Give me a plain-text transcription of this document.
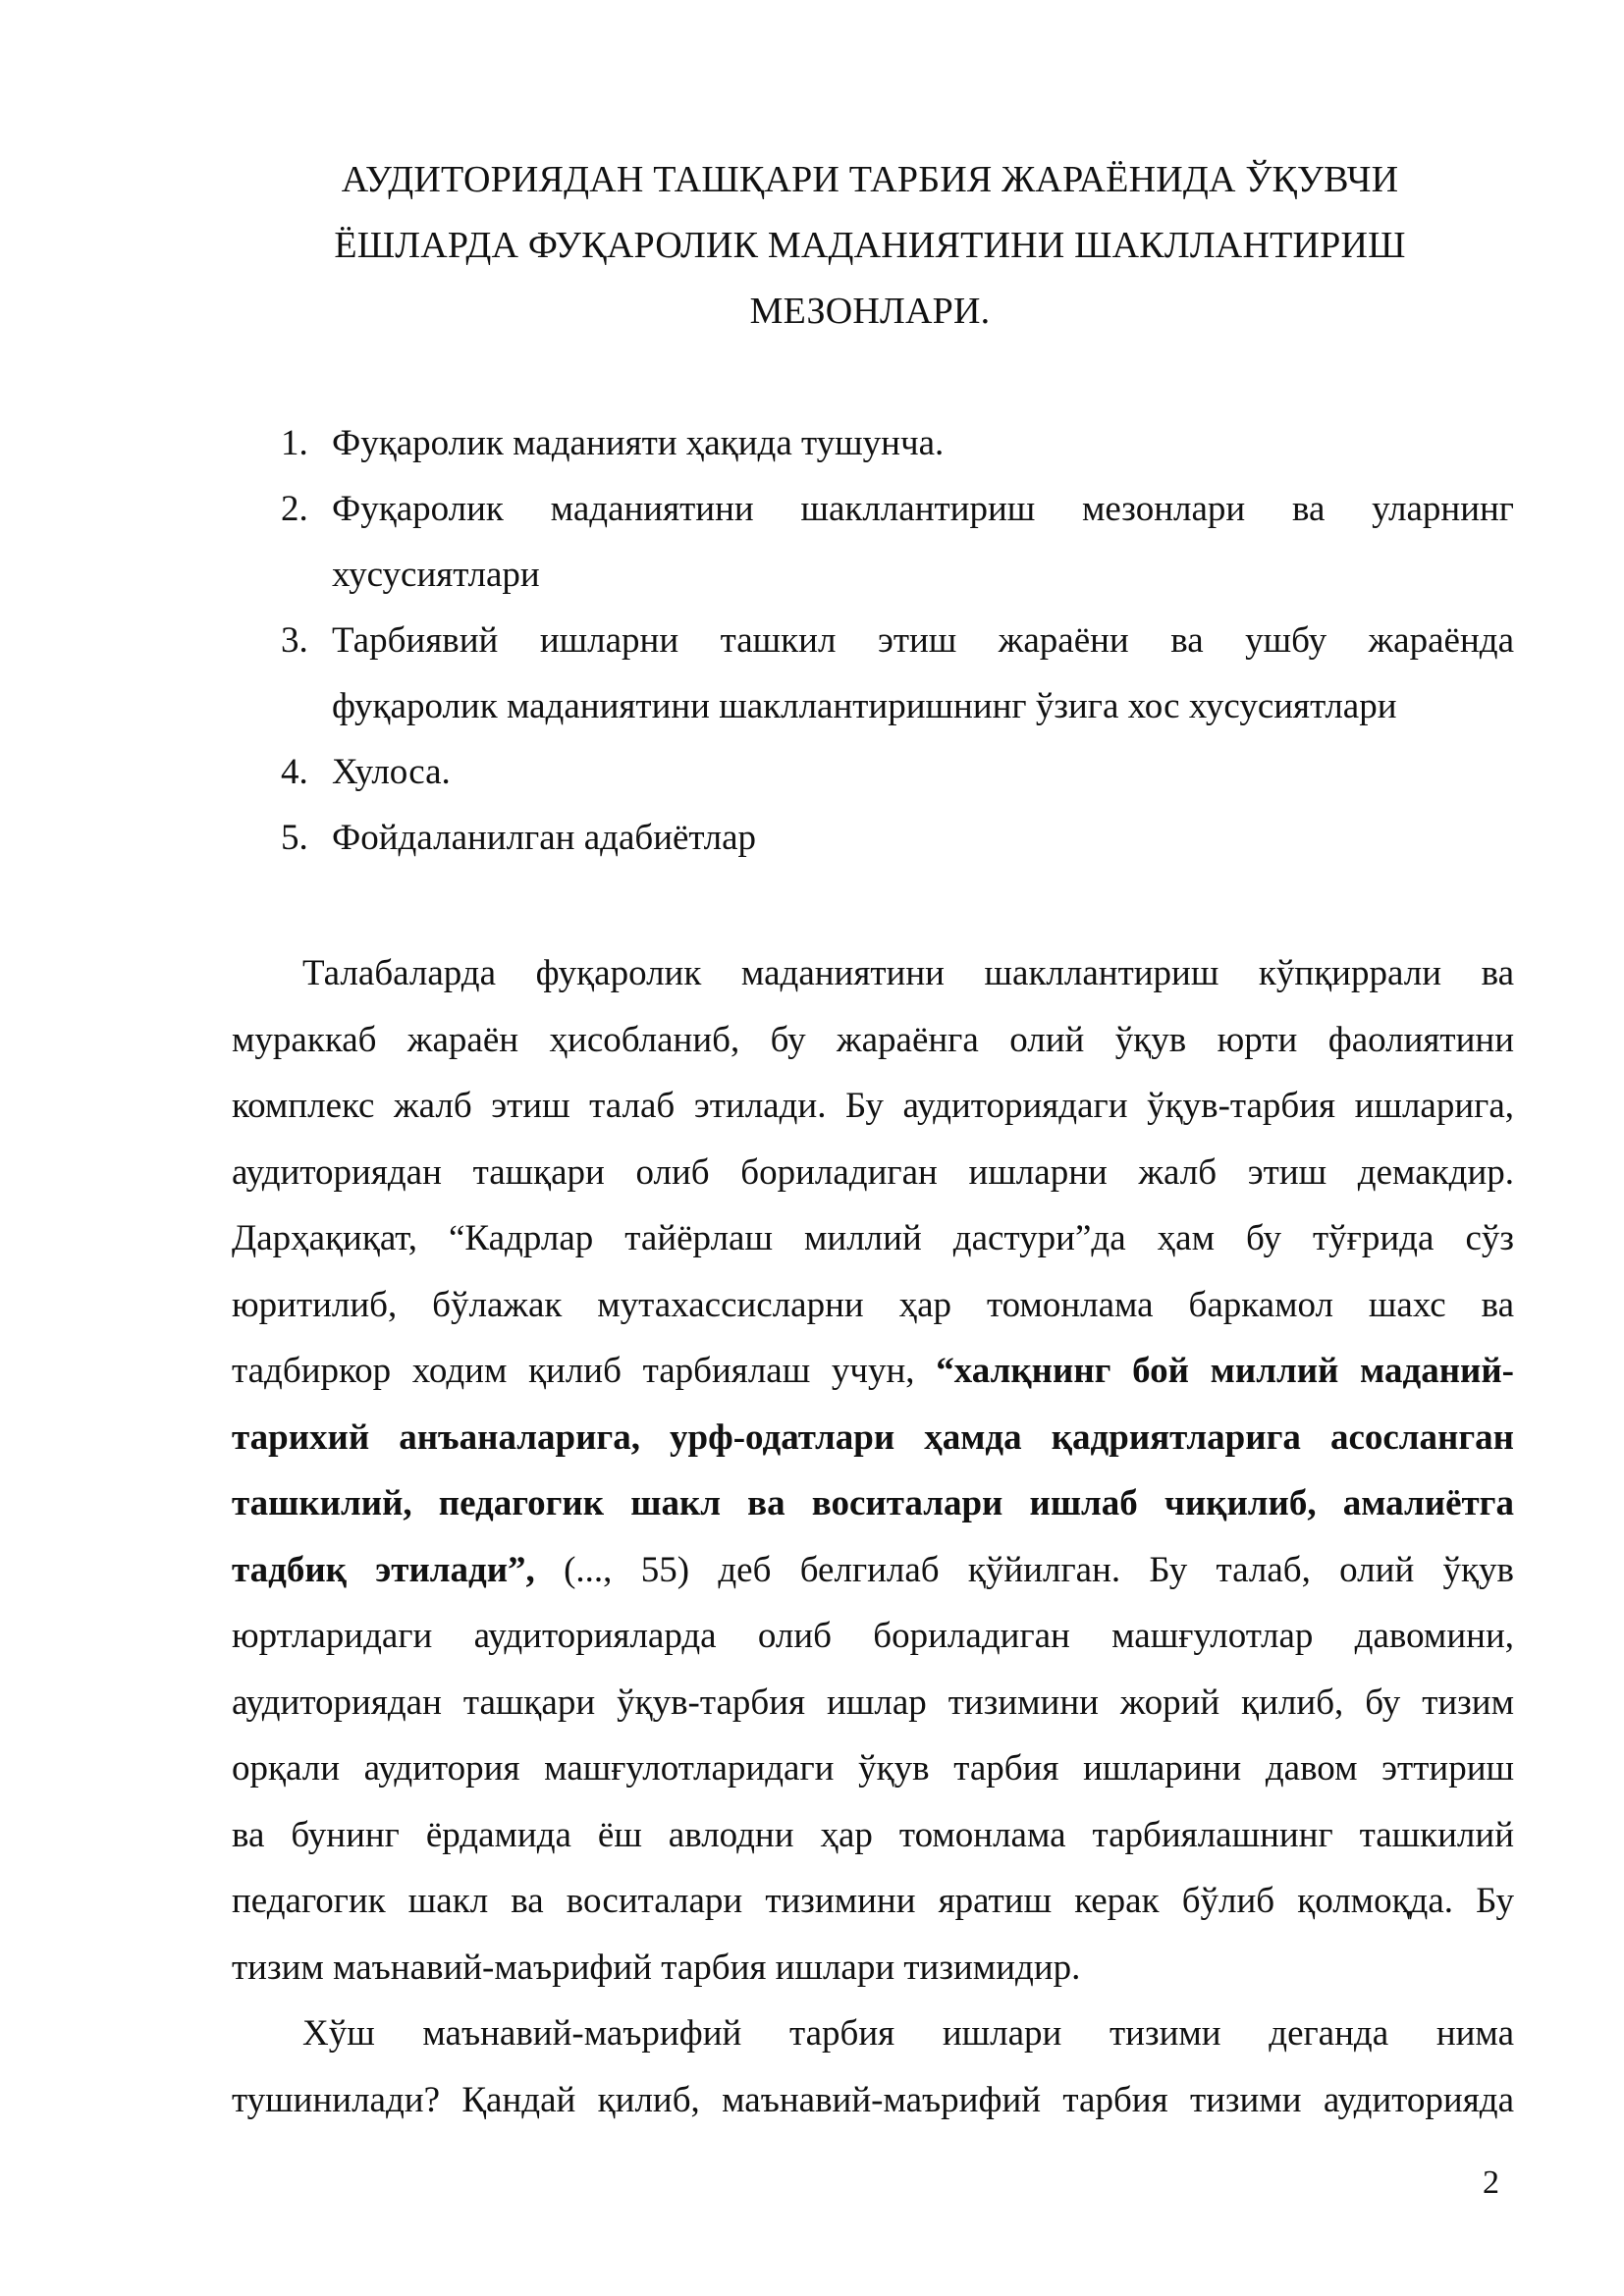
АУДИТОРИЯДАН ТАШҚАРИ ТАРБИЯ ЖАРАЁНИДА ЎҚУВЧИ
ЁШЛАРДА ФУҚАРОЛИК МАДАНИЯТИНИ ШАКЛЛАНТИРИШ
МЕЗОНЛАРИ.
1. Фуқаролик маданияти ҳақида тушунча.
2. Фуқаролик маданиятини шакллантириш мезонлари ва уларнинг
хусусиятлари
3. Тарбиявий ишларни ташкил этиш жараёни ва ушбу жараёнда
фуқаролик маданиятини шакллантиришнинг ўзига хос хусусиятлари
4. Хулоса.
5. Фойдаланилган адабиётлар
Талабаларда фуқаролик маданиятини шакллантириш кўпқиррали ва
мураккаб жараён ҳисобланиб, бу жараёнга олий ўқув юрти фаолиятини
комплекс жалб этиш талаб этилади. Бу аудиториядаги ўқув-тарбия ишларига,
аудиториядан ташқари олиб бориладиган ишларни жалб этиш демакдир.
Дарҳақиқат, “Кадрлар тайёрлаш миллий дастури”да ҳам бу тўғрида сўз
юритилиб, бўлажак мутахассисларни ҳар томонлама баркамол шахс ва
тадбиркор ходим қилиб тарбиялаш учун, “халқнинг бой миллий маданий-
тарихий анъаналарига, урф-одатлари ҳамда қадриятларига асосланган
ташкилий, педагогик шакл ва воситалари ишлаб чиқилиб, амалиётга
тадбиқ этилади”, (..., 55) деб белгилаб қўйилган. Бу талаб, олий ўқув
юртларидаги аудиторияларда олиб бориладиган машғулотлар давомини,
аудиториядан ташқари ўқув-тарбия ишлар тизимини жорий қилиб, бу тизим
орқали аудитория машғулотларидаги ўқув тарбия ишларини давом эттириш
ва бунинг ёрдамида ёш авлодни ҳар томонлама тарбиялашнинг ташкилий
педагогик шакл ва воситалари тизимини яратиш керак бўлиб қолмоқда. Бу
тизим маънавий-маърифий тарбия ишлари тизимидир.
Хўш маънавий-маърифий тарбия ишлари тизими деганда нима
тушинилади? Қандай қилиб, маънавий-маърифий тарбия тизими аудиторияда
2
